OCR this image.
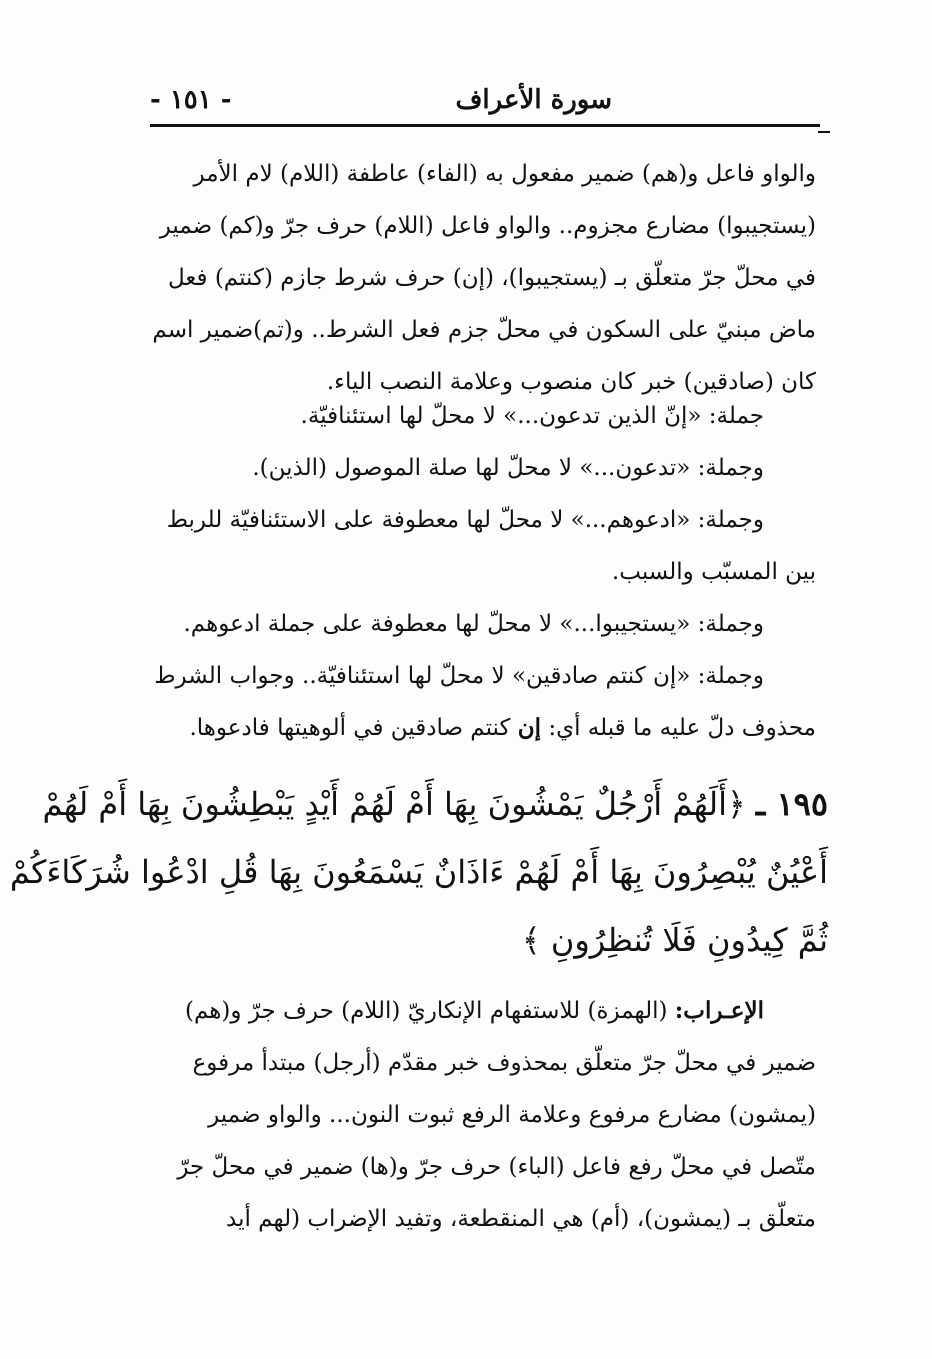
سورة الأعراف
- ١٥١ -
والواو فاعل و(هم) ضمير مفعول به (الفاء) عاطفة (اللام) لام الأمر
(يستجيبوا) مضارع مجزوم.. والواو فاعل (اللام) حرف جرّ و(كم) ضمير
في محلّ جرّ متعلّق بـ (يستجيبوا)، (إن) حرف شرط جازم (كنتم) فعل
ماض مبنيّ على السكون في محلّ جزم فعل الشرط.. و(تم)ضمير اسم
كان (صادقين) خبر كان منصوب وعلامة النصب الياء.
جملة: «إنّ الذين تدعون...» لا محلّ لها استئنافيّة.
وجملة: «تدعون...» لا محلّ لها صلة الموصول (الذين).
وجملة: «ادعوهم...» لا محلّ لها معطوفة على الاستئنافيّة للربط
بين المسبّب والسبب.
وجملة: «يستجيبوا...» لا محلّ لها معطوفة على جملة ادعوهم.
وجملة: «إن كنتم صادقين» لا محلّ لها استئنافيّة.. وجواب الشرط
محذوف دلّ عليه ما قبله أي: إن كنتم صادقين في ألوهيتها فادعوها.
١٩٥ ـ ﴿أَلَهُمْ أَرْجُلٌ يَمْشُونَ بِهَا أَمْ لَهُمْ أَيْدٍ يَبْطِشُونَ بِهَا أَمْ لَهُمْ
أَعْيُنٌ يُبْصِرُونَ بِهَا أَمْ لَهُمْ ءَاذَانٌ يَسْمَعُونَ بِهَا قُلِ ادْعُوا شُرَكَاءَكُمْ
ثُمَّ كِيدُونِ فَلَا تُنظِرُونِ ﴾
الإعـراب: (الهمزة) للاستفهام الإنكاريّ (اللام) حرف جرّ و(هم)
ضمير في محلّ جرّ متعلّق بمحذوف خبر مقدّم (أرجل) مبتدأ مرفوع
(يمشون) مضارع مرفوع وعلامة الرفع ثبوت النون... والواو ضمير
متّصل في محلّ رفع فاعل (الباء) حرف جرّ و(ها) ضمير في محلّ جرّ
متعلّق بـ (يمشون)، (أم) هي المنقطعة، وتفيد الإضراب (لهم أيد
